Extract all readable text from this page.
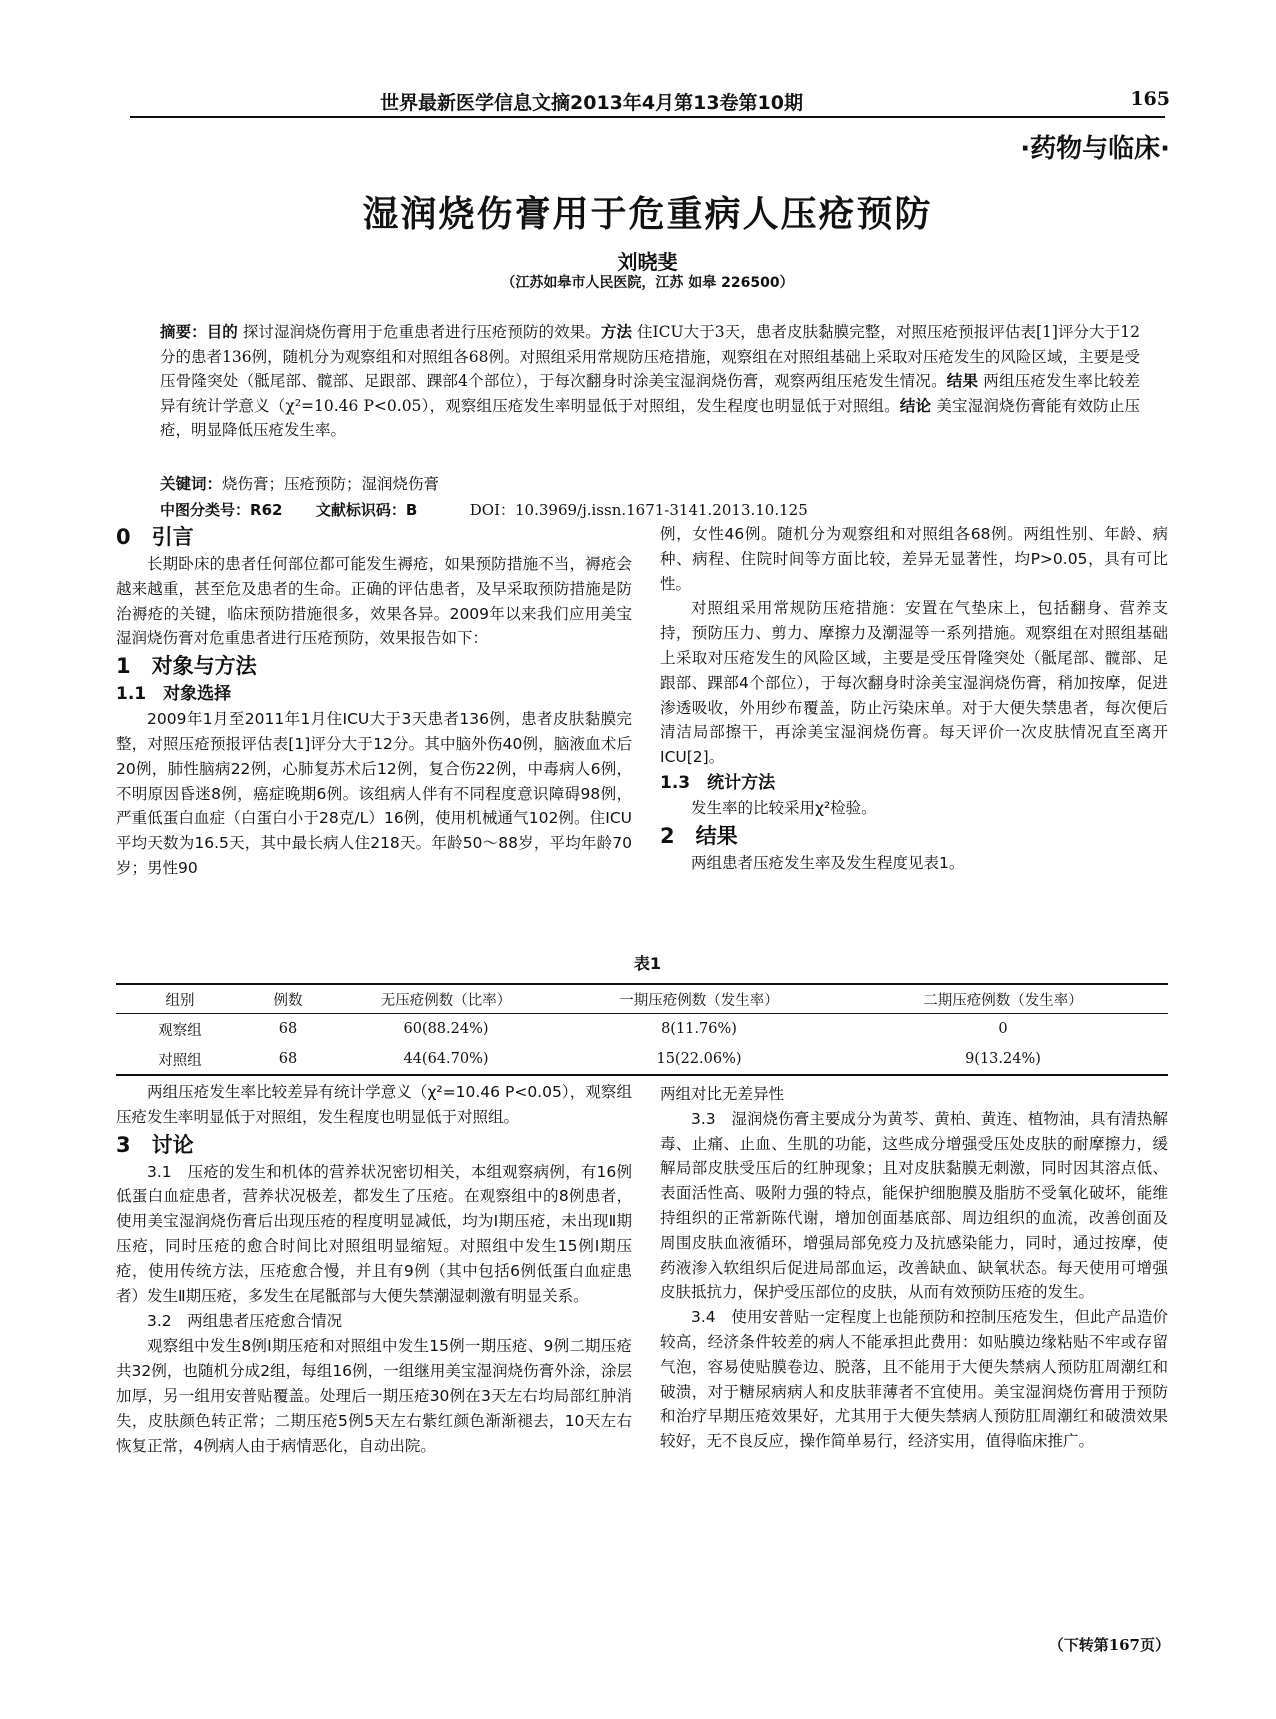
世界最新医学信息文摘2013年4月第13卷第10期	165
·药物与临床·
湿润烧伤膏用于危重病人压疮预防
刘晓斐
（江苏如皋市人民医院，江苏 如皋 226500）
摘要：目的 探讨湿润烧伤膏用于危重患者进行压疮预防的效果。方法 住ICU大于3天，患者皮肤黏膜完整，对照压疮预报评估表[1]评分大于12分的患者136例，随机分为观察组和对照组各68例。对照组采用常规防压疮措施，观察组在对照组基础上采取对压疮发生的风险区域，主要是受压骨隆突处（骶尾部、髋部、足跟部、踝部4个部位），于每次翻身时涂美宝湿润烧伤膏，观察两组压疮发生情况。结果 两组压疮发生率比较差异有统计学意义（χ²=10.46 P<0.05），观察组压疮发生率明显低于对照组，发生程度也明显低于对照组。结论 美宝湿润烧伤膏能有效防止压疮，明显降低压疮发生率。
关键词：烧伤膏；压疮预防；湿润烧伤膏
中图分类号：R62 文献标识码：B	DOI：10.3969/j.issn.1671-3141.2013.10.125
0　引言

长期卧床的患者任何部位都可能发生褥疮，如果预防措施不当，褥疮会越来越重，甚至危及患者的生命。正确的评估患者，及早采取预防措施是防治褥疮的关键，临床预防措施很多，效果各异。2009年以来我们应用美宝湿润烧伤膏对危重患者进行压疮预防，效果报告如下：

1　对象与方法
1.1　对象选择

2009年1月至2011年1月住ICU大于3天患者136例，患者皮肤黏膜完整，对照压疮预报评估表[1]评分大于12分。其中脑外伤40例，脑液血术后20例，肺性脑病22例，心肺复苏术后12例，复合伤22例，中毒病人6例，不明原因昏迷8例，癌症晚期6例。该组病人伴有不同程度意识障碍98例，严重低蛋白血症（白蛋白小于28克/L）16例，使用机械通气102例。住ICU平均天数为16.5天，其中最长病人住218天。年龄50～88岁，平均年龄70岁；男性90

例，女性46例。随机分为观察组和对照组各68例。两组性别、年龄、病种、病程、住院时间等方面比较，差异无显著性，均P>0.05，具有可比性。

对照组采用常规防压疮措施：安置在气垫床上，包括翻身、营养支持，预防压力、剪力、摩擦力及潮湿等一系列措施。观察组在对照组基础上采取对压疮发生的风险区域，主要是受压骨隆突处（骶尾部、髋部、足跟部、踝部4个部位），于每次翻身时涂美宝湿润烧伤膏，稍加按摩，促进渗透吸收，外用纱布覆盖，防止污染床单。对于大便失禁患者，每次便后清洁局部擦干，再涂美宝湿润烧伤膏。每天评价一次皮肤情况直至离开ICU[2]。

1.3　统计方法

发生率的比较采用χ²检验。

2　结果

两组患者压疮发生率及发生程度见表1。

表1
组别	例数	无压疮例数（比率）	一期压疮例数（发生率）	二期压疮例数（发生率）
观察组	68	60(88.24%)	8(11.76%)	0
对照组	68	44(64.70%)	15(22.06%)	9(13.24%)

两组压疮发生率比较差异有统计学意义（χ²=10.46 P<0.05），观察组压疮发生率明显低于对照组，发生程度也明显低于对照组。

3　讨论

3.1　压疮的发生和机体的营养状况密切相关，本组观察病例，有16例低蛋白血症患者，营养状况极差，都发生了压疮。在观察组中的8例患者，使用美宝湿润烧伤膏后出现压疮的程度明显减低，均为Ⅰ期压疮，未出现Ⅱ期压疮，同时压疮的愈合时间比对照组明显缩短。对照组中发生15例Ⅰ期压疮，使用传统方法，压疮愈合慢，并且有9例（其中包括6例低蛋白血症患者）发生Ⅱ期压疮，多发生在尾骶部与大便失禁潮湿刺激有明显关系。

3.2　两组患者压疮愈合情况

观察组中发生8例Ⅰ期压疮和对照组中发生15例一期压疮、9例二期压疮共32例，也随机分成2组，每组16例，一组继用美宝湿润烧伤膏外涂，涂层加厚，另一组用安普贴覆盖。处理后一期压疮30例在3天左右均局部红肿消失，皮肤颜色转正常；二期压疮5例5天左右紫红颜色渐渐褪去，10天左右恢复正常，4例病人由于病情恶化，自动出院。

两组对比无差异性

3.3　湿润烧伤膏主要成分为黄芩、黄柏、黄连、植物油，具有清热解毒、止痛、止血、生肌的功能，这些成分增强受压处皮肤的耐摩擦力，缓解局部皮肤受压后的红肿现象；且对皮肤黏膜无刺激，同时因其溶点低、表面活性高、吸附力强的特点，能保护细胞膜及脂肪不受氧化破坏，能维持组织的正常新陈代谢，增加创面基底部、周边组织的血流，改善创面及周围皮肤血液循环，增强局部免疫力及抗感染能力，同时，通过按摩，使药液渗入软组织后促进局部血运，改善缺血、缺氧状态。每天使用可增强皮肤抵抗力，保护受压部位的皮肤，从而有效预防压疮的发生。

3.4　使用安普贴一定程度上也能预防和控制压疮发生，但此产品造价较高，经济条件较差的病人不能承担此费用：如贴膜边缘粘贴不牢或存留气泡，容易使贴膜卷边、脱落，且不能用于大便失禁病人预防肛周潮红和破溃，对于糖尿病病人和皮肤菲薄者不宜使用。美宝湿润烧伤膏用于预防和治疗早期压疮效果好，尤其用于大便失禁病人预防肛周潮红和破溃效果较好，无不良反应，操作简单易行，经济实用，值得临床推广。

（下转第167页）
